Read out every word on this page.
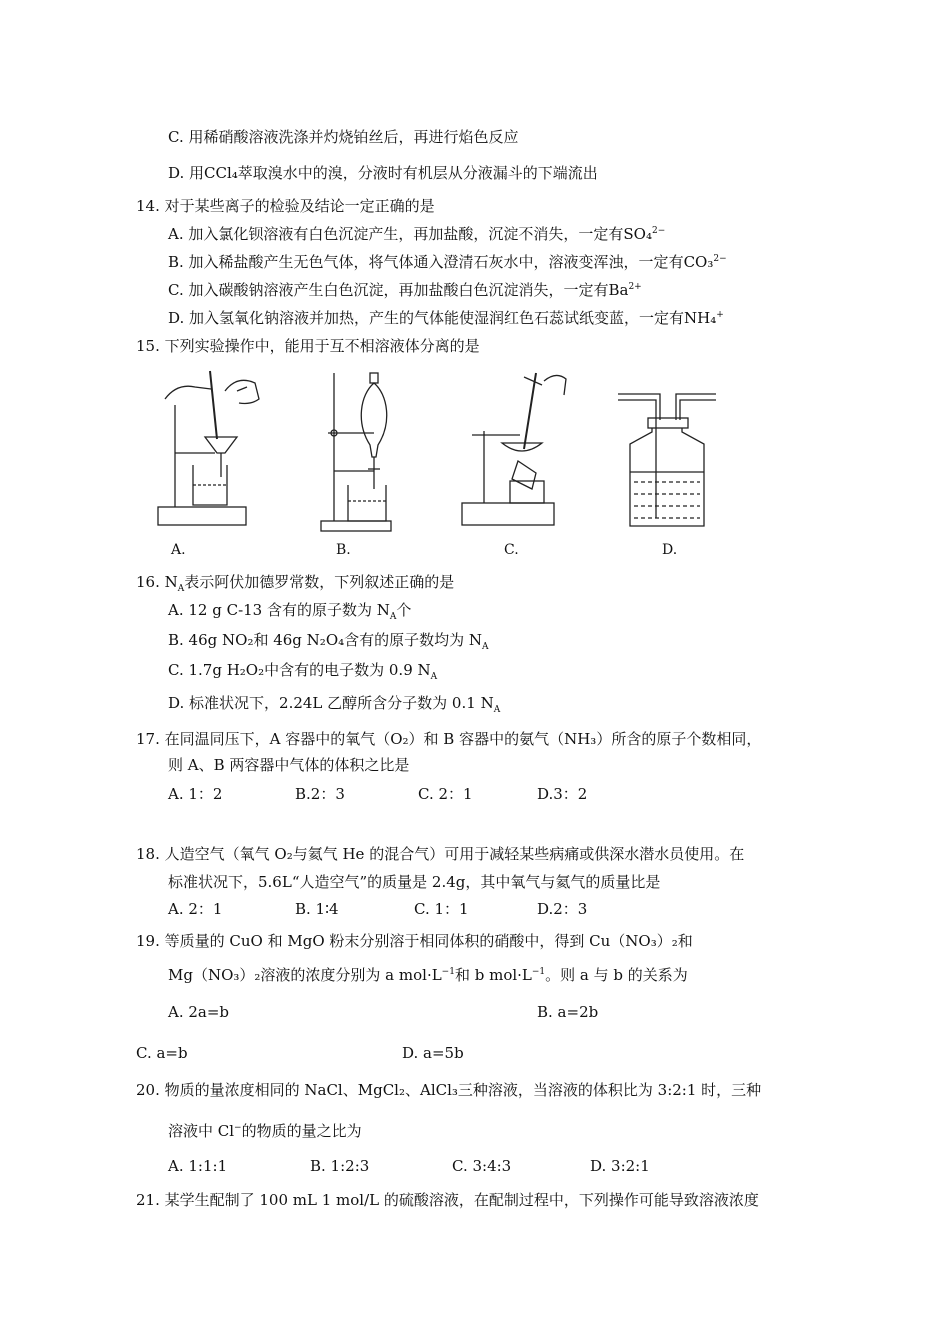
C. 用稀硝酸溶液洗涤并灼烧铂丝后，再进行焰色反应
D. 用CCl₄萃取溴水中的溴，分液时有机层从分液漏斗的下端流出
14. 对于某些离子的检验及结论一定正确的是
A. 加入氯化钡溶液有白色沉淀产生，再加盐酸，沉淀不消失，一定有SO₄$^{2-}$
B. 加入稀盐酸产生无色气体，将气体通入澄清石灰水中，溶液变浑浊，一定有CO₃$^{2-}$
C. 加入碳酸钠溶液产生白色沉淀，再加盐酸白色沉淀消失，一定有$Ba^{2+}$
D. 加入氢氧化钠溶液并加热，产生的气体能使湿润红色石蕊试纸变蓝，一定有NH₄+
15. 下列实验操作中，能用于互不相溶液体分离的是
A.	B.	C.	D.
16. $N_A$表示阿伏加德罗常数，下列叙述正确的是
A. 12 g C-13 含有的原子数为 $N_A$个
B. 46g NO₂和 46g N₂O₄含有的原子数均为 $N_A$
C. 1.7g H₂O₂中含有的电子数为 0.9 $N_A$
D. 标准状况下，2.24L 乙醇所含分子数为 0.1 $N_A$
17. 在同温同压下，A 容器中的氧气（O₂）和 B 容器中的氨气（NH₃）所含的原子个数相同，
则 A、B 两容器中气体的体积之比是
A. 1：2	B.2：3	C. 2：1	D.3：2
18. 人造空气（氧气 O₂与氦气 He 的混合气）可用于减轻某些病痛或供深水潜水员使用。在
标准状况下，5.6L“人造空气”的质量是 2.4g，其中氧气与氦气的质量比是
A. 2：1	B. 1∶4	C. 1：1	D.2：3
19. 等质量的 CuO 和 MgO 粉末分别溶于相同体积的硝酸中，得到 Cu（NO₃）₂和
Mg（NO₃）₂溶液的浓度分别为 a $mol\cdot L^{-1}$和 b $mol\cdot L^{-1}$。则 a 与 b 的关系为
A. 2a=b	B. a=2b
C. a=b	D. a=5b
20. 物质的量浓度相同的 NaCl、MgCl₂、AlCl₃三种溶液，当溶液的体积比为 3:2:1 时，三种
溶液中 Cl−的物质的量之比为
A. 1:1:1	B. 1:2:3	C. 3:4:3	D. 3:2:1
21. 某学生配制了 100 mL 1 mol/L 的硫酸溶液，在配制过程中，下列操作可能导致溶液浓度
